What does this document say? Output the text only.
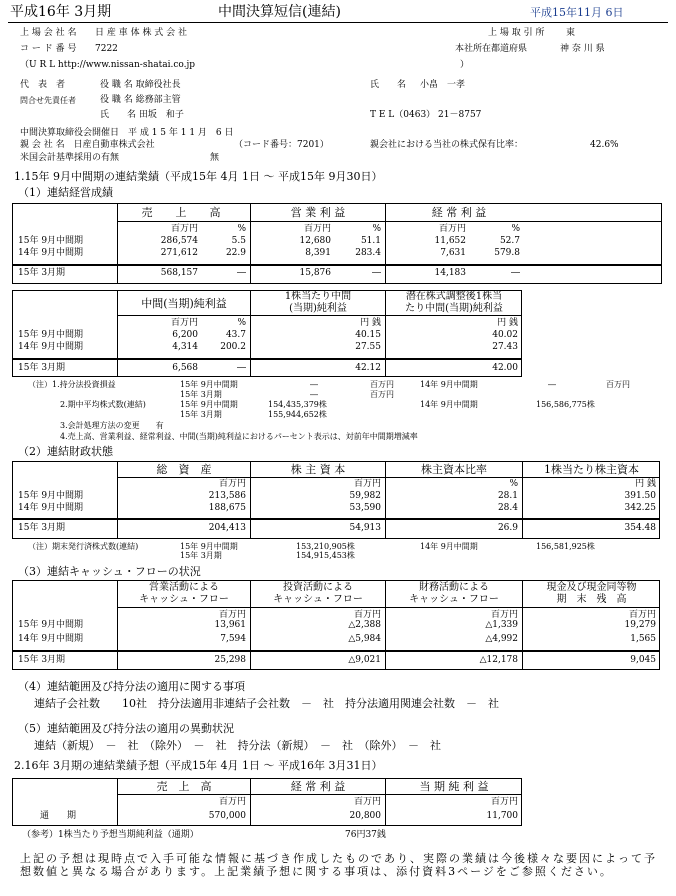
平成16年 3月期	中間決算短信(連結)	平成15年11月 6日
上 場 会 社 名 日 産 車 体 株 式 会 社	上 場 取 引 所 東
コ ー ド 番 号 7222	本社所在都道府県	神 奈 川 県
（U R L http://www.nissan-shatai.co.jp	）
代　表　者	役 職 名 取締役社長	氏　　名 小畠　一孝
問合せ先責任者	役 職 名 総務部主管
氏　　名 田坂　和子	T E L（0463） 21－8757
中間決算取締役会開催日　平 成 1 5 年 1 1 月　6 日
親 会 社 名　日産自動車株式会社	（コード番号：7201）	親会社における当社の株式保有比率：	42.6%
米国会計基準採用の有無	無
1.15年 9月中間期の連結業績（平成15年 4月 1日 ～ 平成15年 9月30日）
（1）連結経営成績
売　上　高	営 業 利 益	経 常 利 益
百万円	%	百万円	%	百万円	%
15年 9月中間期	286,574	5.5	12,680	51.1	11,652	52.7
14年 9月中間期	271,612	22.9	8,391	283.4	7,631	579.8
15年 3月期	568,157	―	15,876	―	14,183	―
中間(当期)純利益
1株当たり中間
(当期)純利益
潜在株式調整後1株当
たり中間(当期)純利益
百万円	%	円 銭	円 銭
15年 9月中間期	6,200	43.7	40.15	40.02
14年 9月中間期	4,314	200.2	27.55	27.43
15年 3月期	6,568	―	42.12	42.00
（注）1.持分法投資損益	15年 9月中間期	―	百万円	14年 9月中間期	―	百万円
15年 3月期	―	百万円
2.期中平均株式数(連結)	15年 9月中間期	154,435,379株	14年 9月中間期	156,586,775株
15年 3月期	155,944,652株
3.会計処理方法の変更　　有
4.売上高、営業利益、経常利益、中間(当期)純利益におけるパーセント表示は、対前年中間期増減率
（2）連結財政状態
総　資　産	株 主 資 本	株主資本比率	1株当たり株主資本
百万円	百万円	%	円 銭
15年 9月中間期	213,586	59,982	28.1	391.50
14年 9月中間期	188,675	53,590	28.4	342.25
15年 3月期	204,413	54,913	26.9	354.48
（注）期末発行済株式数(連結)	15年 9月中間期	153,210,905株	14年 9月中間期	156,581,925株
15年 3月期	154,915,453株
（3）連結キャッシュ・フローの状況
営業活動による
キャッシュ・フロー
投資活動による
キャッシュ・フロー
財務活動による
キャッシュ・フロー
現金及び現金同等物
期　末　残　高
百万円	百万円	百万円	百万円
15年 9月中間期	13,961	△2,388	△1,339	19,279
14年 9月中間期	7,594	△5,984	△4,992	1,565
15年 3月期	25,298	△9,021	△12,178	9,045
（4）連結範囲及び持分法の適用に関する事項
連結子会社数　　10社　持分法適用非連結子会社数　－　社　持分法適用関連会社数　－　社
（5）連結範囲及び持分法の適用の異動状況
連結（新規）　－　社　（除外）　－　社　持分法（新規）　－　社　（除外）　－　社
2.16年 3月期の連結業績予想（平成15年 4月 1日 ～ 平成16年 3月31日）
売　上　高	経 常 利 益	当 期 純 利 益
百万円	百万円	百万円
通　　期	570,000	20,800	11,700
（参考）1株当たり予想当期純利益（通期）	76円37銭
上記の予想は現時点で入手可能な情報に基づき作成したものであり、実際の業績は今後様々な要因によって予想数値と異なる場合があります。上記業績予想に関する事項は、添付資料3ページをご参照ください。
